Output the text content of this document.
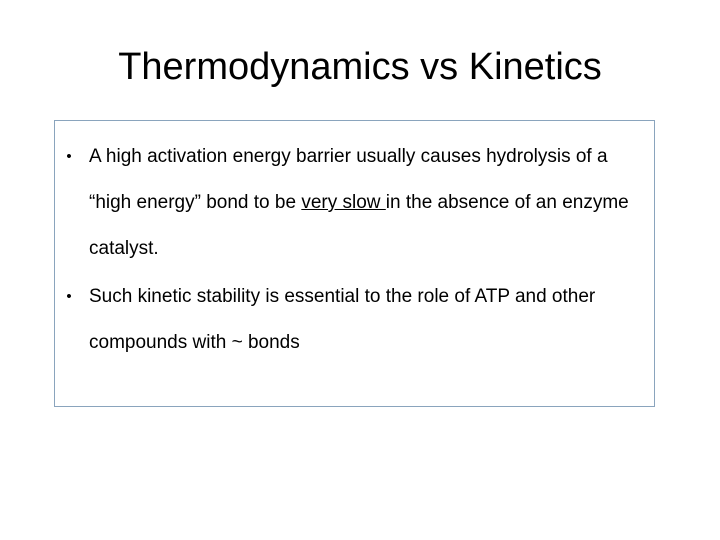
Thermodynamics vs Kinetics
• A high activation energy barrier usually causes hydrolysis of a “high energy” bond to be very slow in the absence of an enzyme catalyst.
• Such kinetic stability is essential to the role of ATP and other compounds with ~ bonds
